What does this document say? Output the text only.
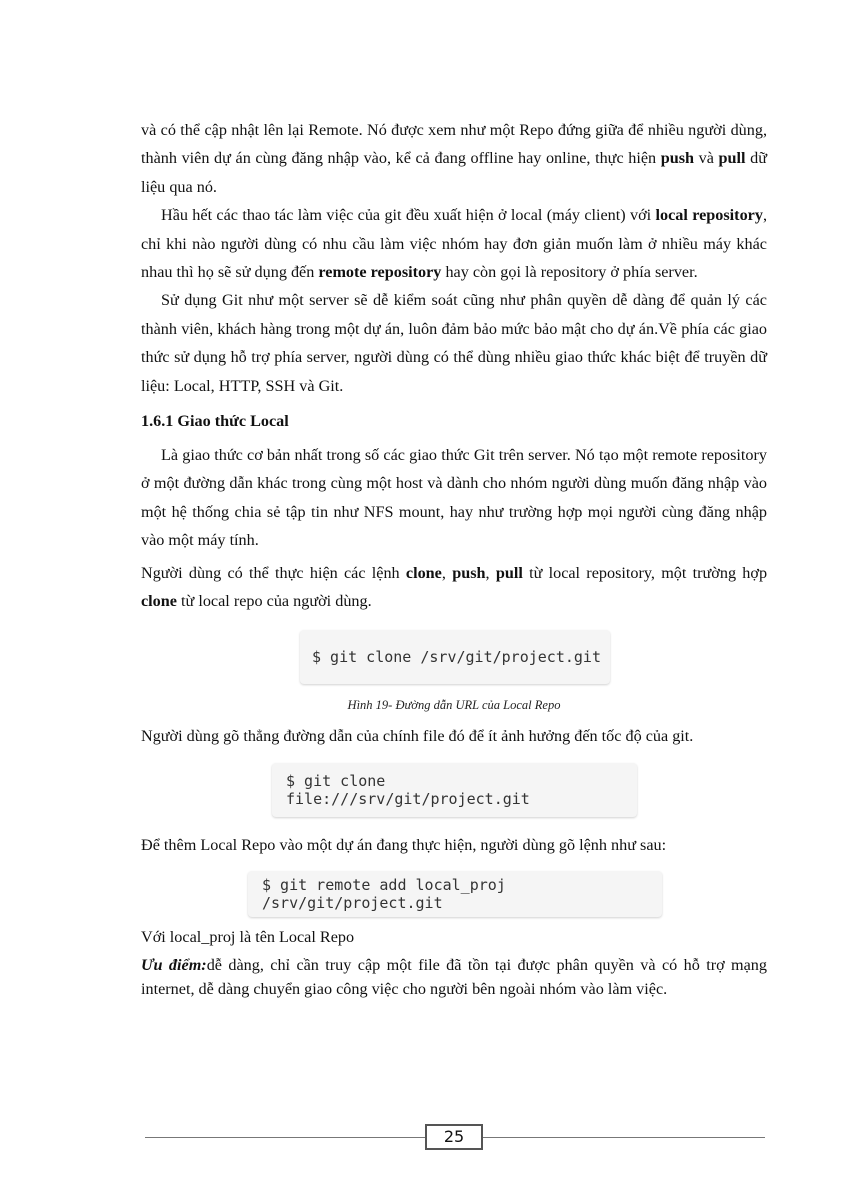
và có thể cập nhật lên lại Remote. Nó được xem như một Repo đứng giữa để nhiều người dùng, thành viên dự án cùng đăng nhập vào, kể cả đang offline hay online, thực hiện push và pull dữ liệu qua nó.

Hầu hết các thao tác làm việc của git đều xuất hiện ở local (máy client) với local repository, chỉ khi nào người dùng có nhu cầu làm việc nhóm hay đơn giản muốn làm ở nhiều máy khác nhau thì họ sẽ sử dụng đến remote repository hay còn gọi là repository ở phía server.

Sử dụng Git như một server sẽ dễ kiểm soát cũng như phân quyền dễ dàng để quản lý các thành viên, khách hàng trong một dự án, luôn đảm bảo mức bảo mật cho dự án.Về phía các giao thức sử dụng hỗ trợ phía server, người dùng có thể dùng nhiều giao thức khác biệt để truyền dữ liệu: Local, HTTP, SSH và Git.

1.6.1 Giao thức Local

Là giao thức cơ bản nhất trong số các giao thức Git trên server. Nó tạo một remote repository ở một đường dẫn khác trong cùng một host và dành cho nhóm người dùng muốn đăng nhập vào một hệ thống chia sẻ tập tin như NFS mount, hay như trường hợp mọi người cùng đăng nhập vào một máy tính.

Người dùng có thể thực hiện các lệnh clone, push, pull từ local repository, một trường hợp clone từ local repo của người dùng.

$ git clone /srv/git/project.git
Hình 19- Đường dẫn URL của Local Repo

Người dùng gõ thẳng đường dẫn của chính file đó để ít ảnh hưởng đến tốc độ của git.

$ git clone file:///srv/git/project.git

Để thêm Local Repo vào một dự án đang thực hiện, người dùng gõ lệnh như sau:

$ git remote add local_proj /srv/git/project.git

Với local_proj là tên Local Repo

Ưu điểm:dễ dàng, chỉ cần truy cập một file đã tồn tại được phân quyền và có hỗ trợ mạng internet, dễ dàng chuyển giao công việc cho người bên ngoài nhóm vào làm việc.

25
